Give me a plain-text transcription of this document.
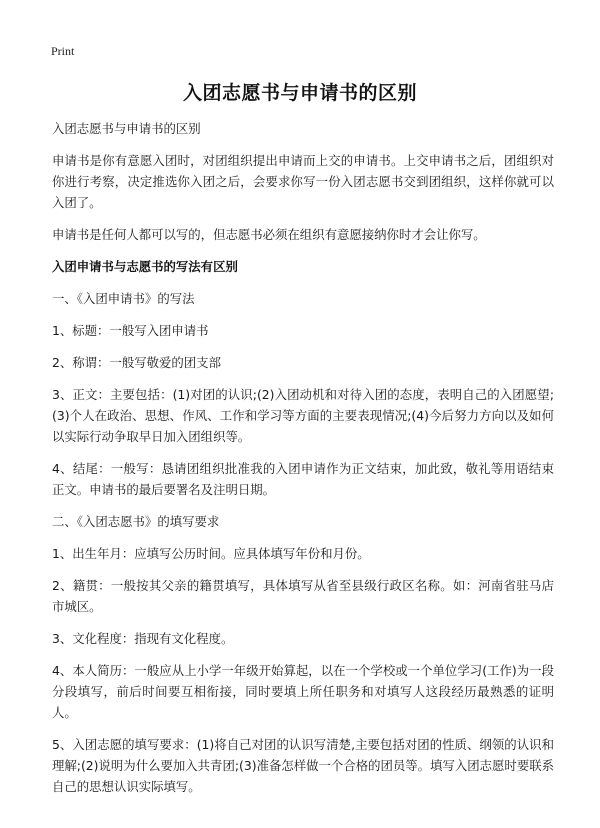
Print
入团志愿书与申请书的区别

入团志愿书与申请书的区别

申请书是你有意愿入团时，对团组织提出申请而上交的申请书。上交申请书之后，团组织对你进行考察，决定推选你入团之后，会要求你写一份入团志愿书交到团组织，这样你就可以入团了。

申请书是任何人都可以写的，但志愿书必须在组织有意愿接纳你时才会让你写。

入团申请书与志愿书的写法有区别

一、《入团申请书》的写法

1、标题：一般写入团申请书

2、称谓：一般写敬爱的团支部

3、正文：主要包括：(1)对团的认识;(2)入团动机和对待入团的态度，表明自己的入团愿望;(3)个人在政治、思想、作风、工作和学习等方面的主要表现情况;(4)今后努力方向以及如何以实际行动争取早日加入团组织等。

4、结尾：一般写：恳请团组织批准我的入团申请作为正文结束，加此致，敬礼等用语结束正文。申请书的最后要署名及注明日期。

二、《入团志愿书》的填写要求

1、出生年月：应填写公历时间。应具体填写年份和月份。

2、籍贯：一般按其父亲的籍贯填写，具体填写从省至县级行政区名称。如：河南省驻马店市城区。

3、文化程度：指现有文化程度。

4、本人简历：一般应从上小学一年级开始算起，以在一个学校或一个单位学习(工作)为一段分段填写，前后时间要互相衔接，同时要填上所任职务和对填写人这段经历最熟悉的证明人。

5、入团志愿的填写要求：(1)将自己对团的认识写清楚,主要包括对团的性质、纲领的认识和理解;(2)说明为什么要加入共青团;(3)准备怎样做一个合格的团员等。填写入团志愿时要联系自己的思想认识实际填写。
